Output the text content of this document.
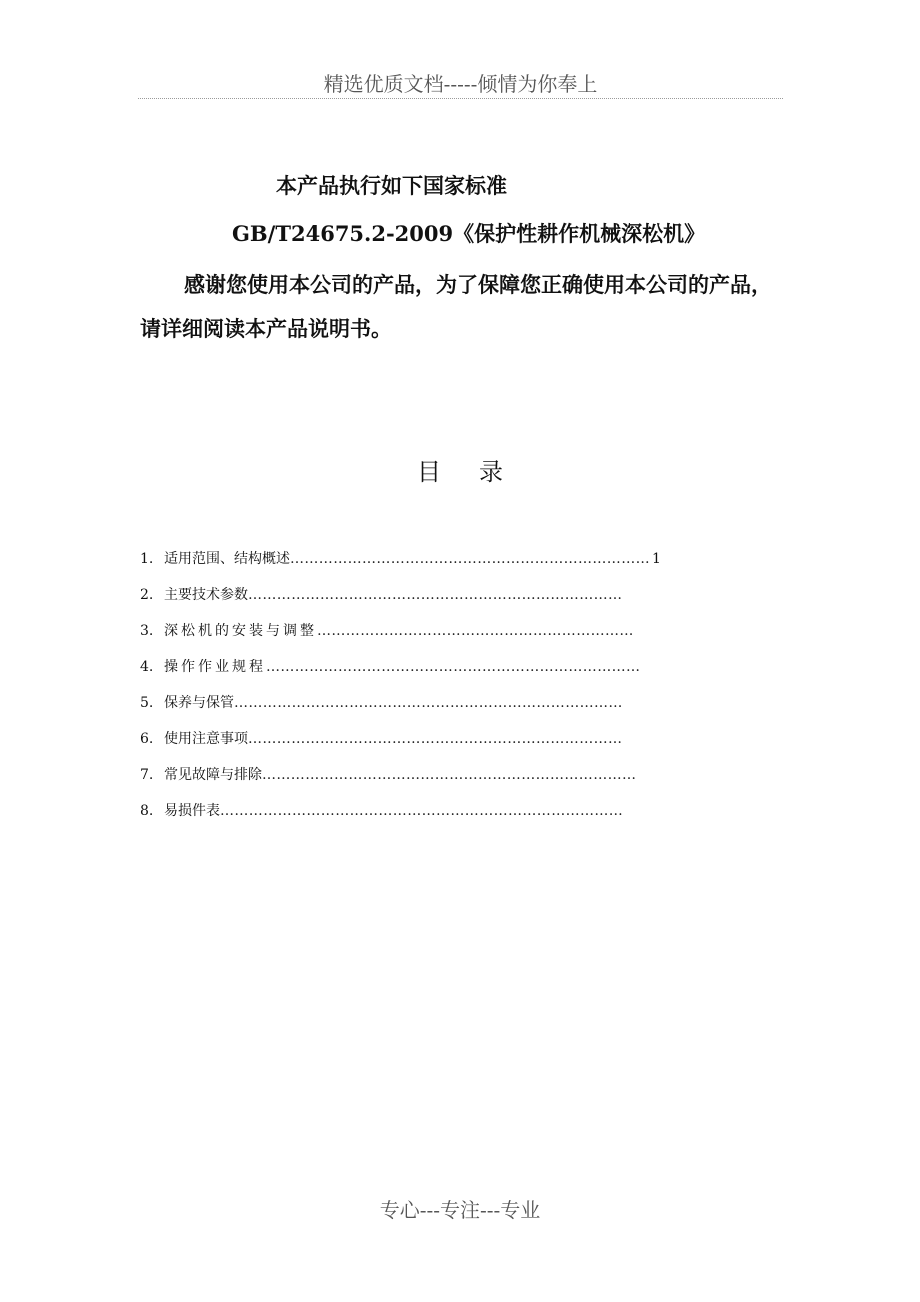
精选优质文档-----倾情为你奉上
本产品执行如下国家标准
GB/T24675.2-2009《保护性耕作机械深松机》

感谢您使用本公司的产品，为了保障您正确使用本公司的产品，请详细阅读本产品说明书。

目录
1. 适用范围、结构概述 ………………………………………………………………… 1
2. 主要技术参数 ……………………………………………………………………
3. 深松机的安装与调整 …………………………………………………………
4. 操作作业规程 ……………………………………………………………………
5. 保养与保管 ………………………………………………………………………
6. 使用注意事项 ……………………………………………………………………
7. 常见故障与排除 ……………………………………………………………………
8. 易损件表 …………………………………………………………………………
专心---专注---专业
